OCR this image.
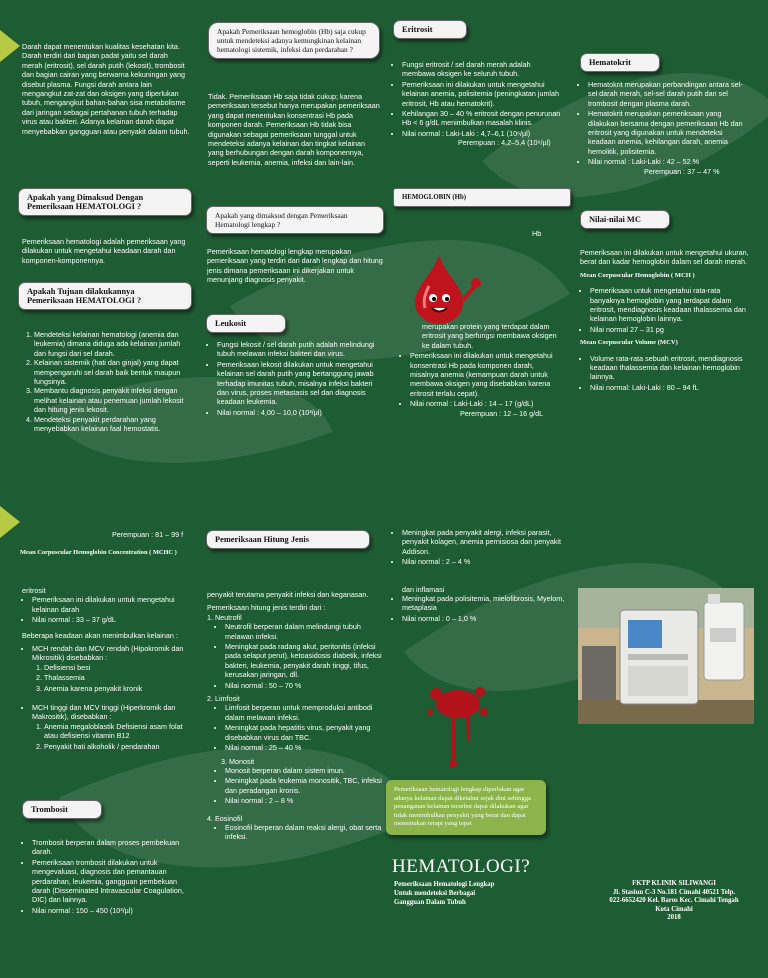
Darah dapat menentukan kualitas kesehatan kita. Darah terdiri dari bagian padat yaitu sel darah merah (eritrosit), sel darah putih (lekosit), trombosit dan bagian cairan yang berwarna kekuningan yang disebut plasma. Fungsi darah antara lain mengangkut zat-zat dan oksigen yang diperlukan tubuh, mengangkut bahan-bahan sisa metabolisme dari jaringan sebagai pertahanan tubuh terhadap virus atau bakteri. Adanya kelainan darah dapat menyebabkan gangguan atau penyakit dalam tubuh.
Apakah yang Dimaksud Dengan Pemeriksaan HEMATOLOGI ?
Pemeriksaan hematologi adalah pemeriksaan yang dilakukan untuk mengetahui keadaan darah dan komponen-komponennya.
Apakah Tujuan dilakukannya Pemeriksaan HEMATOLOGI ?
1. Mendeteksi kelainan hematologi (anemia dan leukemia) dimana diduga ada kelainan jumlah dan fungsi dari sel darah.
2. Kelainan sistemik (hati dan ginjal) yang dapat mempengaruhi sel darah baik bentuk maupun fungsinya.
3. Membantu diagnosis penyakit infeksi dengan melihat kelainan atau penemuan jumlah lekosit dan hitung jenis lekosit.
4. Mendeteksi penyakit perdarahan yang menyebabkan kelainan faal hemostatis.
Apakah Pemeriksaan hemoglobin (Hb) saja cukup untuk mendeteksi adanya kemungkinan kelainan hematologi sistemik, infeksi dan perdarahan ?
Tidak. Pemeriksaan Hb saja tidak cukup; karena pemeriksaan tersebut hanya merupakan pemeriksaan yang dapat menentukan konsentrasi Hb pada komponen darah. Pemeriksaan Hb tidak bisa digunakan sebagai pemeriksaan tunggal untuk mendeteksi adanya kelainan dan tingkat kelainan yang berhubungan dengan darah komponennya, seperti leukemia, anemia, infeksi dan lain-lain.
Apakah yang dimaksud dengan Pemeriksaan Hematologi lengkap ?
Pemeriksaan hematologi lengkap merupakan pemeriksaan yang terdiri dari darah lengkap dan hitung jenis dimana pemeriksaan ini dikerjakan untuk menunjang diagnosis penyakit.
Leukosit
• Fungsi lekosit / sel darah putih adalah melindungi tubuh melawan infeksi bakteri dan virus.
• Pemeriksaan lekosit dilakukan untuk mengetahui kelainan sel darah putih yang bertanggung jawab terhadap imunitas tubuh, misalnya infeksi bakteri dan virus, proses metastasis sel dan diagnosis keadaan leukemia.
• Nilai normal : 4,00 – 10,0 (10³/µl)
Eritrosit
• Fungsi eritrosit / sel darah merah adalah membawa oksigen ke seluruh tubuh.
• Pemeriksaan ini dilakukan untuk mengetahui kelainan anemia, polisitemia (peningkatan jumlah eritrosit, Hb atau hematokrit).
• Kehilangan 30 – 40 % eritrosit dengan penurunan Hb < 6 g/dL menimbulkan masalah klinis.
• Nilai normal : Laki-Laki : 4,7–6,1 (10⁶/µl)
Perempuan : 4,2–5,4 (10⁶/µl)
HEMOGLOBIN (Hb)
Hb
merupakan protein yang terdapat dalam eritrosit yang berfungsi membawa oksigen ke dalam tubuh.
• Pemeriksaan ini dilakukan untuk mengetahui konsentrasi Hb pada komponen darah, misalnya anemia (kemampuan darah untuk membawa oksigen yang disebabkan karena eritrosit terlalu cepat).
• Nilai normal : Laki-Laki : 14 – 17 (g/dL)
Perempuan : 12 – 16 g/dL
Hematokrit
• Hematokrit merupakan perbandingan antara sel-sel darah merah, sel-sel darah putih dan sel trombosit dengan plasma darah.
• Hematokrit merupakan pemeriksaan yang dilakukan bersama dengan pemeriksaan Hb dan eritrosit yang digunakan untuk mendeteksi keadaan anemia, kehilangan darah, anemia hemolitik, polisitemia.
• Nilai normal : Laki-Laki : 42 – 52 %
Perempuan : 37 – 47 %
Nilai-nilai MC

Pemeriksaan ini dilakukan untuk mengetahui ukuran, berat dan kadar hemoglobin dalam sel darah merah.

Mean Corpuscular Hemoglobin ( MCH )
• Pemeriksaan untuk mengetahui rata-rata banyaknya hemoglobin yang terdapat dalam eritrosit, mendiagnosis keadaan thalassemia dan kelainan hemoglobin lainnya.
• Nilai normal 27 – 31 pg
Mean Corpuscular Volume (MCV)
• Volume rata-rata sebuah eritrosit, mendiagnosis keadaan thalassemia dan kelainan hemoglobin lainnya.
• Nilai normal: Laki-Laki : 80 – 94 fL
Perempuan : 81 – 99 f
Mean Corpuscular Hemoglobin Concentration ( MCHC )
eritrosit
• Pemeriksaan ini dilakukan untuk mengetahui kelainan darah
• Nilai normal : 33 – 37 g/dL

Beberapa keadaan akan menimbulkan kelainan :

• MCH rendah dan MCV rendah (Hipokromik dan Mikrositik) disebabkan :
1. Defisiensi besi
2. Thalassemia
3. Anemia karena penyakit kronik
• MCH tinggi dan MCV tinggi (Hiperkromik dan Makrositik), disebabkan :
1. Anemia megaloblastik Defisiensi asam folat atau defisiensi vitamin B12
2. Penyakit hati alkoholik / pendarahan
Trombosit
• Trombosit berperan dalam proses pembekuan darah.
• Pemeriksaan trombosit dilakukan untuk mengevaluasi, diagnosis dan pemantauan perdarahan, leukemia, gangguan pembekuan darah (Disseminated Intravascular Coagulation, DIC) dan lainnya.
• Nilai normal : 150 – 450 (10³/µl)
Pemeriksaan Hitung Jenis

penyakit terutama penyakit infeksi dan keganasan.

Pemeriksaan hitung jenis terdiri dari :
1. Neutrofil
• Neutrofil berperan dalam melindungi tubuh melawan infeksi.
• Meningkat pada radang akut, peritonitis (infeksi pada selaput perut), ketoasidosis diabetik, infeksi bakteri, leukemia, penyakit darah tinggi, tifus, kerusakan jaringan, dll.
• Nilai normal : 50 – 70 %
2. Limfosit
• Limfosit berperan untuk memproduksi antibodi dalam melawan infeksi.
• Meningkat pada hepatitis virus, penyakit yang disebabkan virus dan TBC.
• Nilai normal : 25 – 40 %
3. Monosit
• Monosit berperan dalam sistem imun.
• Meningkat pada leukemia monositik, TBC, infeksi dan peradangan kronis.
• Nilai normal : 2 – 8 %
4. Eosinofil
• Eosinofil berperan dalam reaksi alergi, obat serta infeksi.
• Meningkat pada penyakit alergi, infeksi parasit, penyakit kolagen, anemia pernisiosa dan penyakit Addison.
• Nilai normal : 2 – 4 %
dan inflamasi
• Meningkat pada polisitemia, mielofibrosis, Myelom, metaplasia
• Nilai normal : 0 – 1,0 %
Pemeriksaan hematologi lengkap diperlukan agar adanya kelainan dapat diketahui sejak dini sehingga penanganan kelainan tersebut dapat dilakukan agar tidak menimbulkan penyakit yang berat dan dapat menentukan terapi yang tepat
HEMATOLOGI?
Pemeriksaan Hematologi Lengkap
Untuk mendeteksi Berbagai
Gangguan Dalam Tubuh
FKTP KLINIK SILIWANGI
Jl. Stasiun C-3 No.181 Cimahi 40521 Telp.
022-6652420 Kel. Baros Kec. Cimahi Tengah
Kota Cimahi
2018
